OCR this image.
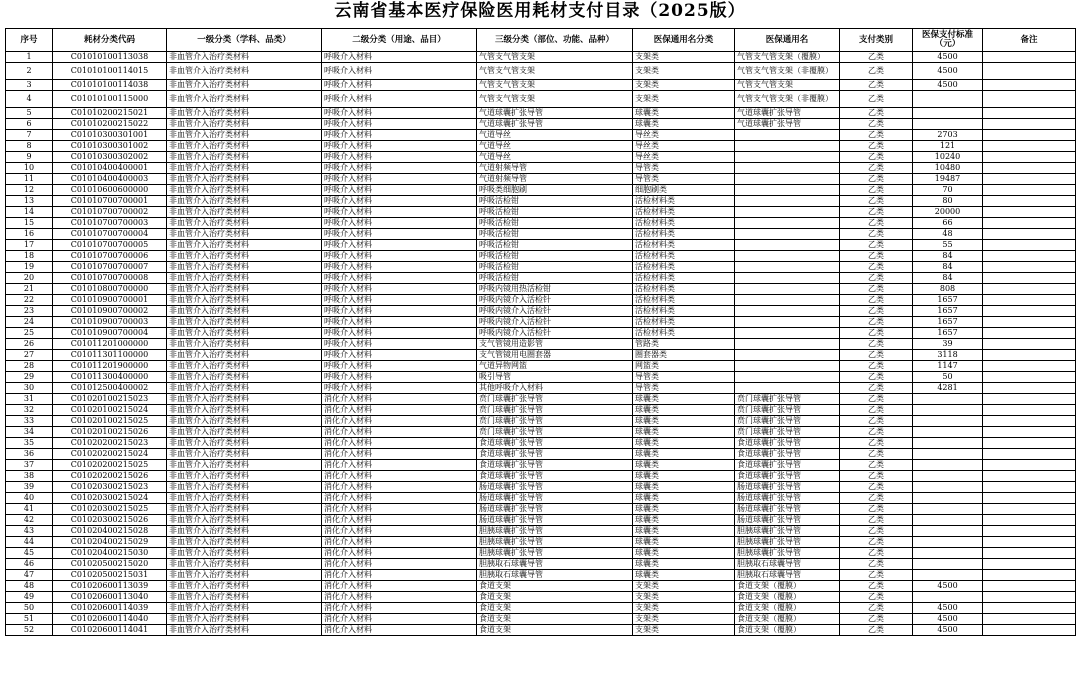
云南省基本医疗保险医用耗材支付目录（2025版）
序号	耗材分类代码	一级分类（学科、品类）	二级分类（用途、品目）	三级分类（部位、功能、品种）	医保通用名分类	医保通用名	支付类别	医保支付标准（元）	备注
1	C01010100113038	非血管介入治疗类材料	呼吸介入材料	气管支气管支架	支架类	气管支气管支架（覆膜）	乙类	4500	
2	C01010100114015	非血管介入治疗类材料	呼吸介入材料	气管支气管支架	支架类	气管支气管支架（非覆膜）	乙类	4500	
3	C01010100114038	非血管介入治疗类材料	呼吸介入材料	气管支气管支架	支架类	气管支气管支架	乙类	4500	
4	C01010100115000	非血管介入治疗类材料	呼吸介入材料	气管支气管支架	支架类	气管支气管支架（非覆膜）	乙类		
5	C01010200215021	非血管介入治疗类材料	呼吸介入材料	气道球囊扩张导管	球囊类	气道球囊扩张导管	乙类		
6	C01010200215022	非血管介入治疗类材料	呼吸介入材料	气道球囊扩张导管	球囊类	气道球囊扩张导管	乙类		
7	C01010300301001	非血管介入治疗类材料	呼吸介入材料	气道导丝	导丝类		乙类	2703	
8	C01010300301002	非血管介入治疗类材料	呼吸介入材料	气道导丝	导丝类		乙类	121	
9	C01010300302002	非血管介入治疗类材料	呼吸介入材料	气道导丝	导丝类		乙类	10240	
10	C01010400400001	非血管介入治疗类材料	呼吸介入材料	气道射频导管	导管类		乙类	10480	
11	C01010400400003	非血管介入治疗类材料	呼吸介入材料	气道射频导管	导管类		乙类	19487	
12	C01010600600000	非血管介入治疗类材料	呼吸介入材料	呼吸类细胞刷	细胞刷类		乙类	70	
13	C01010700700001	非血管介入治疗类材料	呼吸介入材料	呼吸活检钳	活检材料类		乙类	80	
14	C01010700700002	非血管介入治疗类材料	呼吸介入材料	呼吸活检钳	活检材料类		乙类	20000	
15	C01010700700003	非血管介入治疗类材料	呼吸介入材料	呼吸活检钳	活检材料类		乙类	66	
16	C01010700700004	非血管介入治疗类材料	呼吸介入材料	呼吸活检钳	活检材料类		乙类	48	
17	C01010700700005	非血管介入治疗类材料	呼吸介入材料	呼吸活检钳	活检材料类		乙类	55	
18	C01010700700006	非血管介入治疗类材料	呼吸介入材料	呼吸活检钳	活检材料类		乙类	84	
19	C01010700700007	非血管介入治疗类材料	呼吸介入材料	呼吸活检钳	活检材料类		乙类	84	
20	C01010700700008	非血管介入治疗类材料	呼吸介入材料	呼吸活检钳	活检材料类		乙类	84	
21	C01010800700000	非血管介入治疗类材料	呼吸介入材料	呼吸内镜用热活检钳	活检材料类		乙类	808	
22	C01010900700001	非血管介入治疗类材料	呼吸介入材料	呼吸内镜介入活检针	活检材料类		乙类	1657	
23	C01010900700002	非血管介入治疗类材料	呼吸介入材料	呼吸内镜介入活检针	活检材料类		乙类	1657	
24	C01010900700003	非血管介入治疗类材料	呼吸介入材料	呼吸内镜介入活检针	活检材料类		乙类	1657	
25	C01010900700004	非血管介入治疗类材料	呼吸介入材料	呼吸内镜介入活检针	活检材料类		乙类	1657	
26	C01011201000000	非血管介入治疗类材料	呼吸介入材料	支气管镜用造影管	管路类		乙类	39	
27	C01011301100000	非血管介入治疗类材料	呼吸介入材料	支气管镜用电圈套器	圈套器类		乙类	3118	
28	C01011201900000	非血管介入治疗类材料	呼吸介入材料	气道异物网篮	网篮类		乙类	1147	
29	C01011300400000	非血管介入治疗类材料	呼吸介入材料	吸引导管	导管类		乙类	50	
30	C01012500400002	非血管介入治疗类材料	呼吸介入材料	其他呼吸介入材料	导管类		乙类	4281	
31	C01020100215023	非血管介入治疗类材料	消化介入材料	贲门球囊扩张导管	球囊类	贲门球囊扩张导管	乙类		
32	C01020100215024	非血管介入治疗类材料	消化介入材料	贲门球囊扩张导管	球囊类	贲门球囊扩张导管	乙类		
33	C01020100215025	非血管介入治疗类材料	消化介入材料	贲门球囊扩张导管	球囊类	贲门球囊扩张导管	乙类		
34	C01020100215026	非血管介入治疗类材料	消化介入材料	贲门球囊扩张导管	球囊类	贲门球囊扩张导管	乙类		
35	C01020200215023	非血管介入治疗类材料	消化介入材料	食道球囊扩张导管	球囊类	食道球囊扩张导管	乙类		
36	C01020200215024	非血管介入治疗类材料	消化介入材料	食道球囊扩张导管	球囊类	食道球囊扩张导管	乙类		
37	C01020200215025	非血管介入治疗类材料	消化介入材料	食道球囊扩张导管	球囊类	食道球囊扩张导管	乙类		
38	C01020200215026	非血管介入治疗类材料	消化介入材料	食道球囊扩张导管	球囊类	食道球囊扩张导管	乙类		
39	C01020300215023	非血管介入治疗类材料	消化介入材料	肠道球囊扩张导管	球囊类	肠道球囊扩张导管	乙类		
40	C01020300215024	非血管介入治疗类材料	消化介入材料	肠道球囊扩张导管	球囊类	肠道球囊扩张导管	乙类		
41	C01020300215025	非血管介入治疗类材料	消化介入材料	肠道球囊扩张导管	球囊类	肠道球囊扩张导管	乙类		
42	C01020300215026	非血管介入治疗类材料	消化介入材料	肠道球囊扩张导管	球囊类	肠道球囊扩张导管	乙类		
43	C01020400215028	非血管介入治疗类材料	消化介入材料	胆胰球囊扩张导管	球囊类	胆胰球囊扩张导管	乙类		
44	C01020400215029	非血管介入治疗类材料	消化介入材料	胆胰球囊扩张导管	球囊类	胆胰球囊扩张导管	乙类		
45	C01020400215030	非血管介入治疗类材料	消化介入材料	胆胰球囊扩张导管	球囊类	胆胰球囊扩张导管	乙类		
46	C01020500215020	非血管介入治疗类材料	消化介入材料	胆胰取石球囊导管	球囊类	胆胰取石球囊导管	乙类		
47	C01020500215031	非血管介入治疗类材料	消化介入材料	胆胰取石球囊导管	球囊类	胆胰取石球囊导管	乙类		
48	C01020600113039	非血管介入治疗类材料	消化介入材料	食道支架	支架类	食道支架（覆膜）	乙类	4500	
49	C01020600113040	非血管介入治疗类材料	消化介入材料	食道支架	支架类	食道支架（覆膜）	乙类		
50	C01020600114039	非血管介入治疗类材料	消化介入材料	食道支架	支架类	食道支架（覆膜）	乙类	4500	
51	C01020600114040	非血管介入治疗类材料	消化介入材料	食道支架	支架类	食道支架（覆膜）	乙类	4500	
52	C01020600114041	非血管介入治疗类材料	消化介入材料	食道支架	支架类	食道支架（覆膜）	乙类	4500	
